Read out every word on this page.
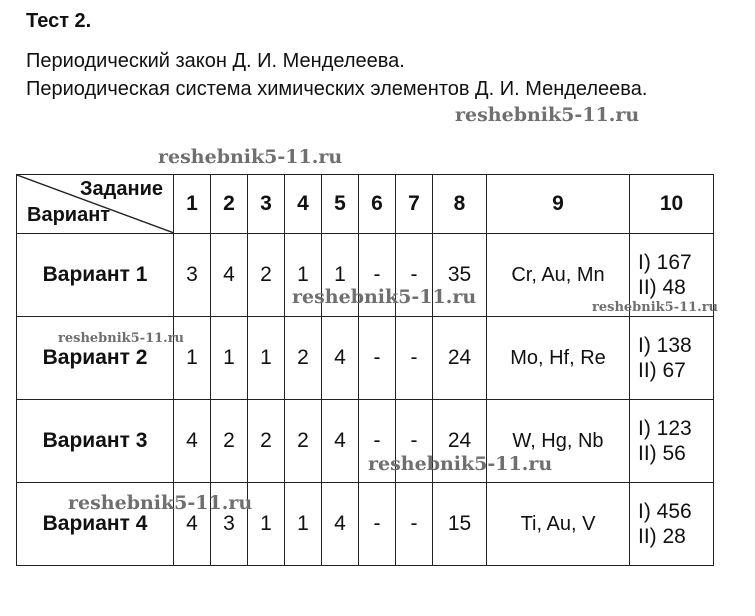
Тест 2.
Периодический закон Д. И. Менделеева.
Периодическая система химических элементов Д. И. Менделеева.
Задание
Вариант	1	2	3	4	5	6	7	8	9	10
Вариант 1	3	4	2	1	1	-	-	35	Cr, Au, Mn	I) 167
II) 48

Вариант 2	1	1	1	2	4	-	-	24	Mo, Hf, Re	I) 138
II) 67

Вариант 3	4	2	2	2	4	-	-	24	W, Hg, Nb	I) 123
II) 56

Вариант 4	4	3	1	1	4	-	-	15	Ti, Au, V	I) 456
II) 28
reshebnik5-11.ru
reshebnik5-11.ru
reshebnik5-11.ru	reshebnik5-11.ru
reshebnik5-11.ru
reshebnik5-11.ru
reshebnik5-11.ru
